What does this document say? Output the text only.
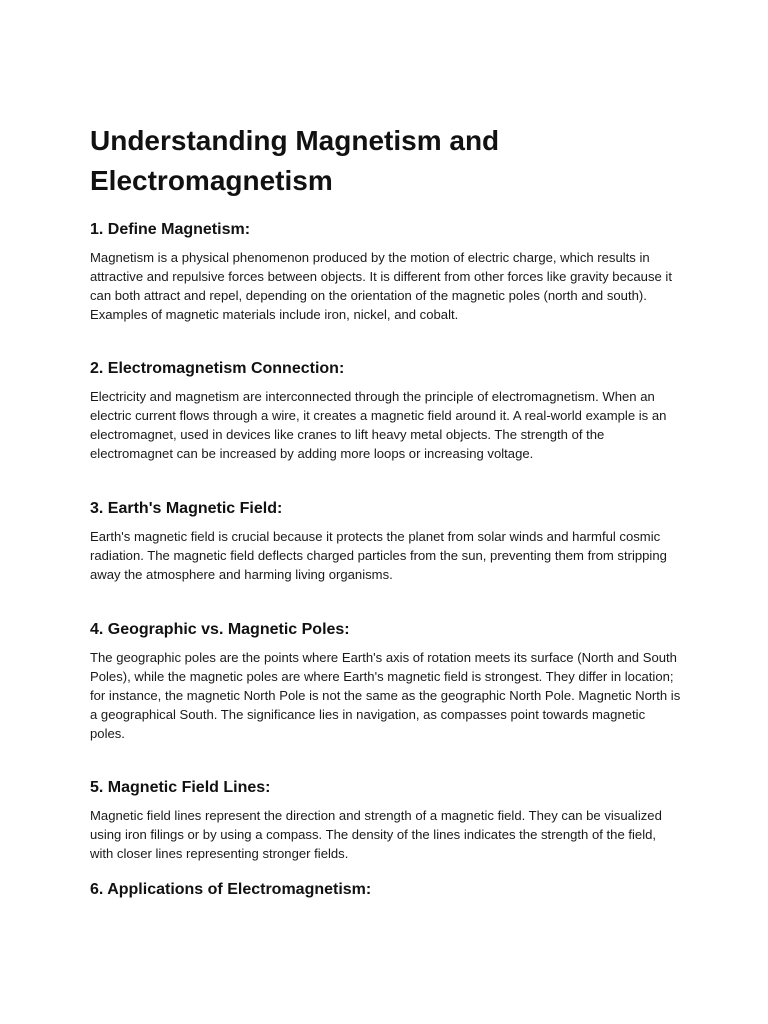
Understanding Magnetism and
Electromagnetism
1. Define Magnetism:

Magnetism is a physical phenomenon produced by the motion of electric charge, which results in attractive and repulsive forces between objects. It is different from other forces like gravity because it can both attract and repel, depending on the orientation of the magnetic poles (north and south). Examples of magnetic materials include iron, nickel, and cobalt.

2. Electromagnetism Connection:

Electricity and magnetism are interconnected through the principle of electromagnetism. When an electric current flows through a wire, it creates a magnetic field around it. A real-world example is an electromagnet, used in devices like cranes to lift heavy metal objects. The strength of the electromagnet can be increased by adding more loops or increasing voltage.

3. Earth's Magnetic Field:

Earth's magnetic field is crucial because it protects the planet from solar winds and harmful cosmic radiation. The magnetic field deflects charged particles from the sun, preventing them from stripping away the atmosphere and harming living organisms.

4. Geographic vs. Magnetic Poles:

The geographic poles are the points where Earth's axis of rotation meets its surface (North and South Poles), while the magnetic poles are where Earth's magnetic field is strongest. They differ in location; for instance, the magnetic North Pole is not the same as the geographic North Pole. Magnetic North is a geographical South. The significance lies in navigation, as compasses point towards magnetic poles.

5. Magnetic Field Lines:

Magnetic field lines represent the direction and strength of a magnetic field. They can be visualized using iron filings or by using a compass. The density of the lines indicates the strength of the field, with closer lines representing stronger fields.

6. Applications of Electromagnetism:
